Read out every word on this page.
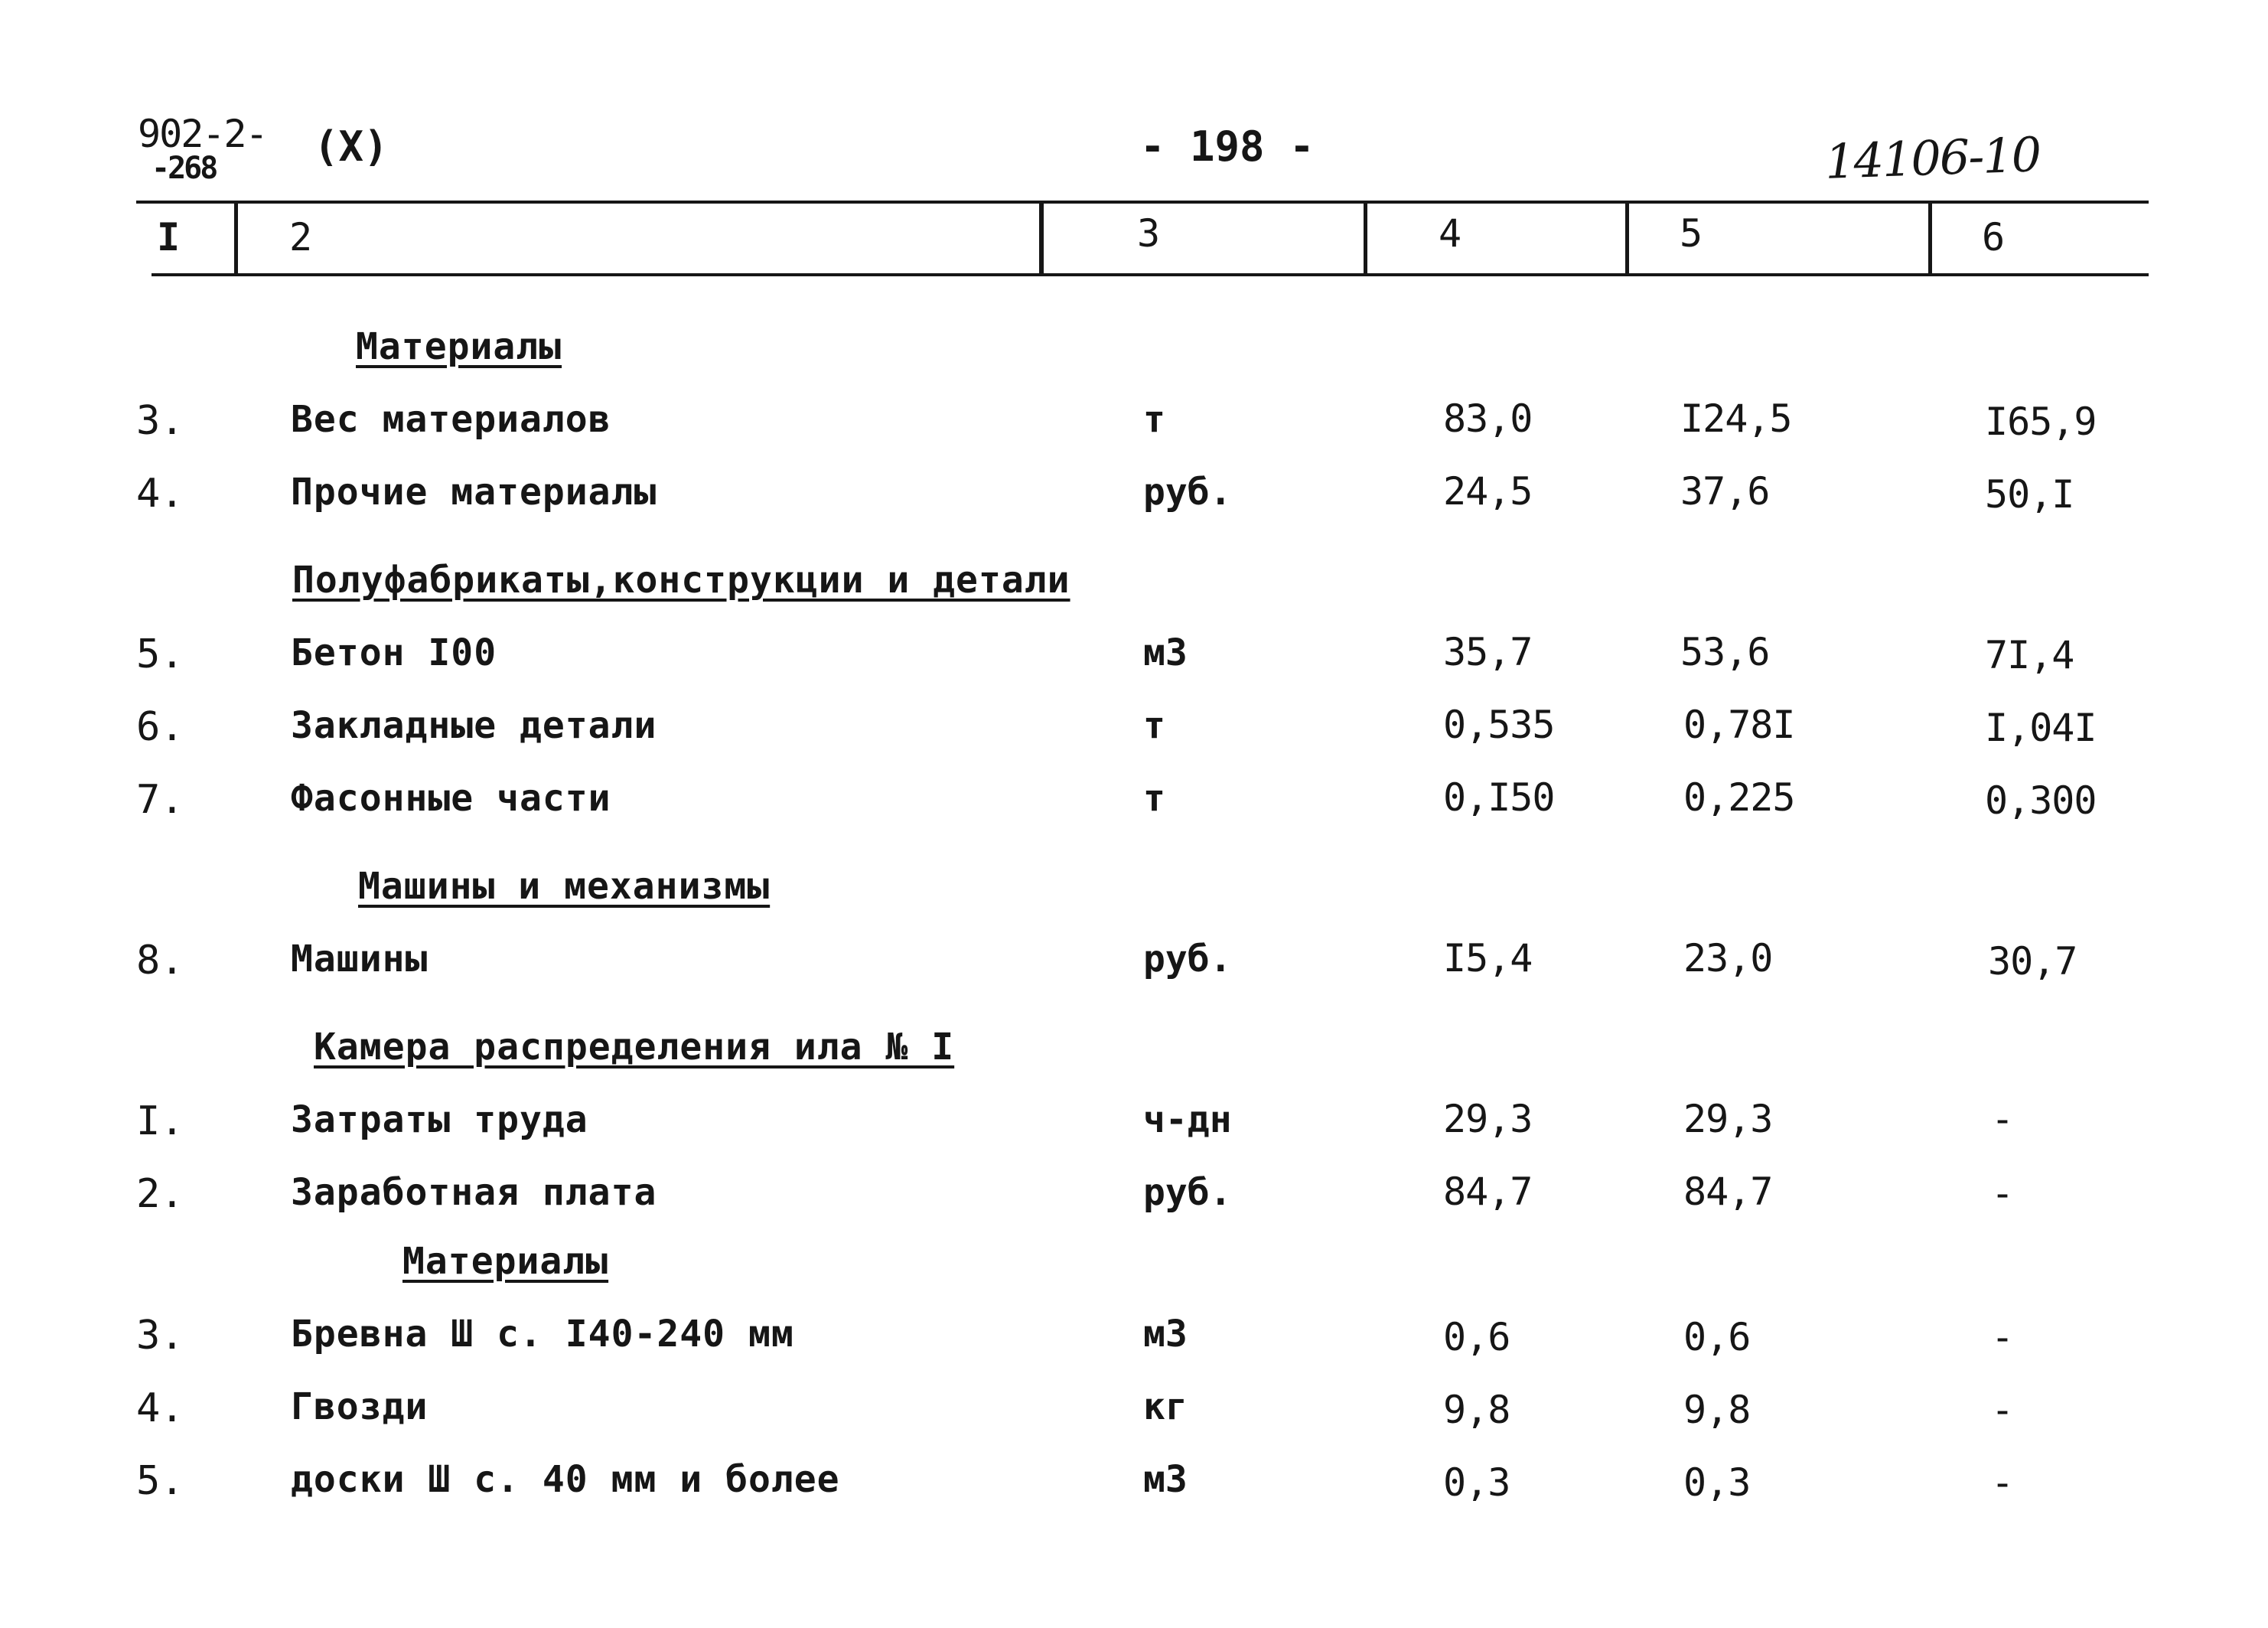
902-2-
-268 (X)	- 198 -	14106-10
I	2	3	4	5	6
Материалы
Полуфабрикаты,конструкции и детали
Машины и механизмы
Камера распределения ила № I
Материалы
3.	Вес материалов	т	83,0	I24,5	I65,9
4.	Прочие материалы	руб.	24,5	37,6	50,I
5.	Бетон I00	м3	35,7	53,6	7I,4
6.	Закладные детали	т	0,535	0,78I	I,04I
7.	Фасонные части	т	0,I50	0,225	0,300
8.	Машины	руб.	I5,4	23,0	30,7
I.	Затраты труда	ч-дн	29,3	29,3	-
2.	Заработная плата	руб.	84,7	84,7	-
3.	Бревна Ш с. I40-240 мм	м3	0,6	0,6	-
4.	Гвозди	кг	9,8	9,8	-
5.	доски Ш с. 40 мм и более	м3	0,3	0,3	-
